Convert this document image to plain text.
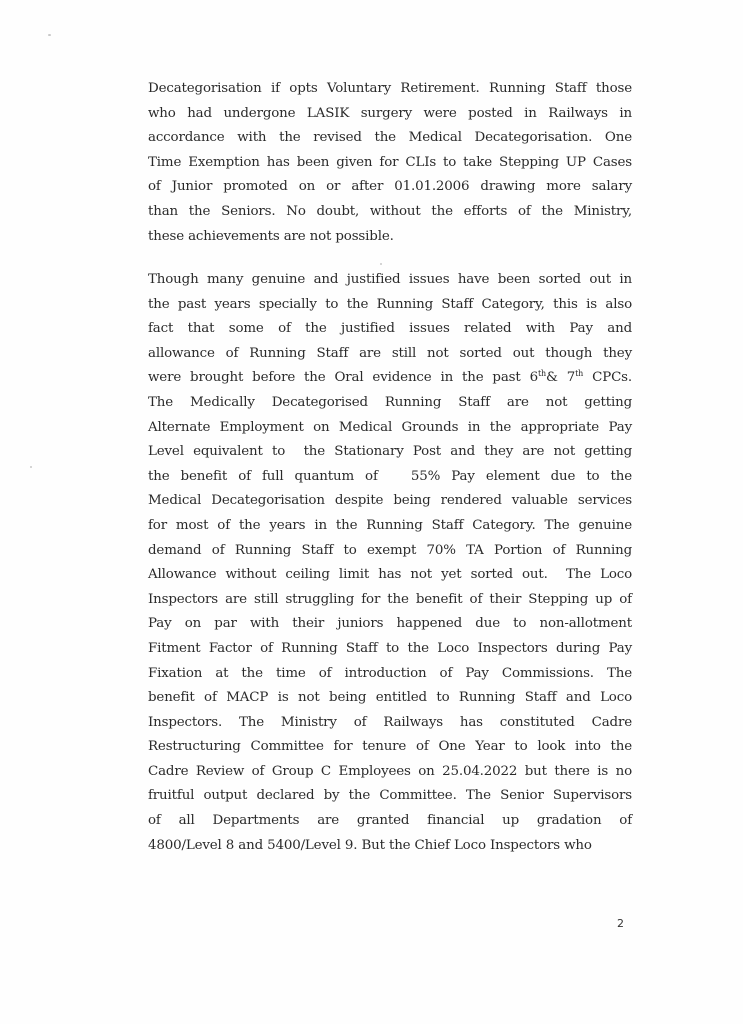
Decategorisation if opts Voluntary Retirement. Running Staff those
who had undergone LASIK surgery were posted in Railways in
accordance with the revised the Medical Decategorisation. One
Time Exemption has been given for CLIs to take Stepping UP Cases
of Junior promoted on or after 01.01.2006 drawing more salary
than the Seniors. No doubt, without the efforts of the Ministry,
these achievements are not possible.
Though many genuine and justified issues have been sorted out in
the past years specially to the Running Staff Category, this is also
fact that some of the justified issues related with Pay and
allowance of Running Staff are still not sorted out though they
were brought before the Oral evidence in the past 6th& 7th CPCs.
The Medically Decategorised Running Staff are not getting
Alternate Employment on Medical Grounds in the appropriate Pay
Level equivalent to  the Stationary Post and they are not getting
the benefit of full quantum of   55% Pay element due to the
Medical Decategorisation despite being rendered valuable services
for most of the years in the Running Staff Category. The genuine
demand of Running Staff to exempt 70% TA Portion of Running
Allowance without ceiling limit has not yet sorted out.  The Loco
Inspectors are still struggling for the benefit of their Stepping up of
Pay on par with their juniors happened due to non-allotment
Fitment Factor of Running Staff to the Loco Inspectors during Pay
Fixation at the time of introduction of Pay Commissions. The
benefit of MACP is not being entitled to Running Staff and Loco
Inspectors. The Ministry of Railways has constituted Cadre
Restructuring Committee for tenure of One Year to look into the
Cadre Review of Group C Employees on 25.04.2022 but there is no
fruitful output declared by the Committee. The Senior Supervisors
of all Departments are granted financial up gradation of
4800/Level 8 and 5400/Level 9. But the Chief Loco Inspectors who
2
